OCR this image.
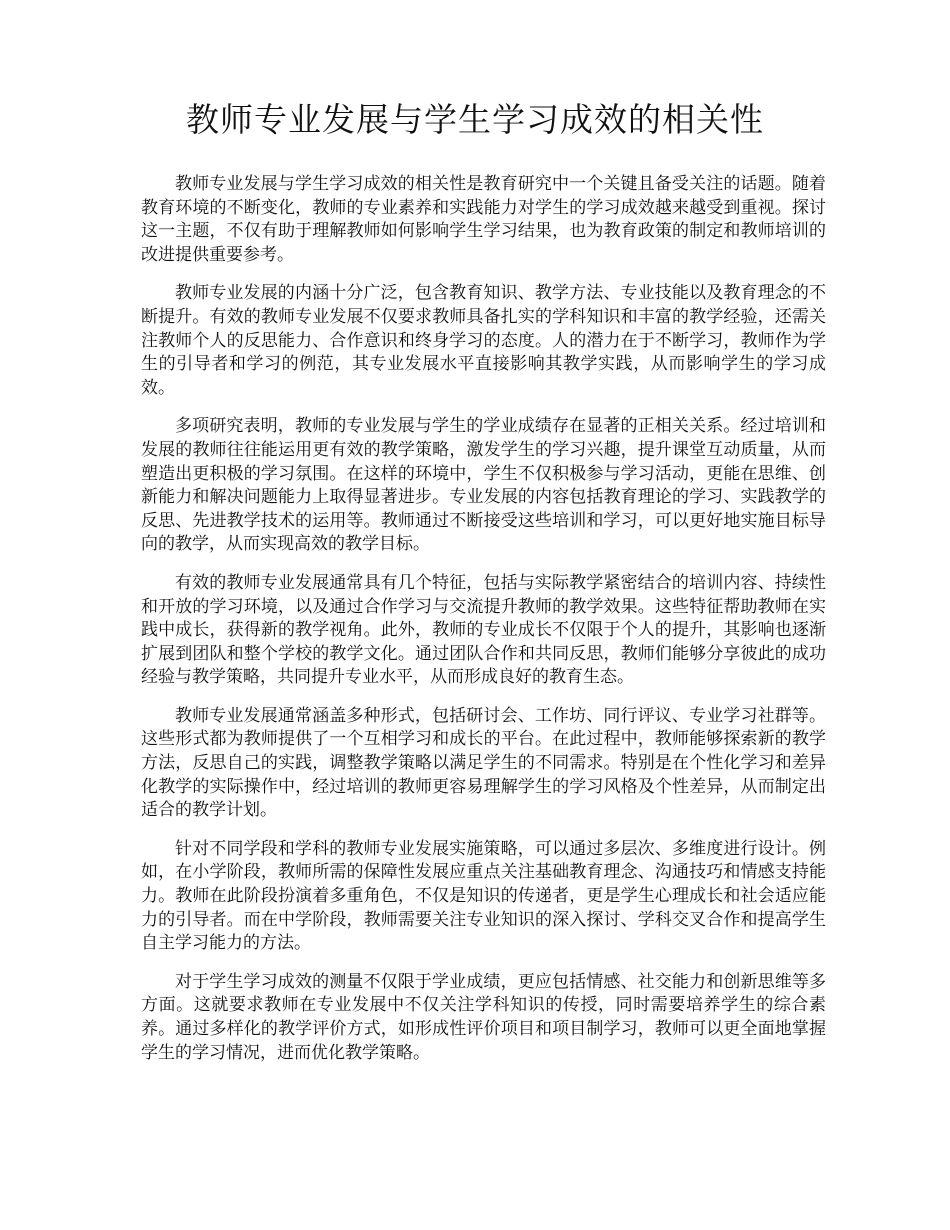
教师专业发展与学生学习成效的相关性

教师专业发展与学生学习成效的相关性是教育研究中一个关键且备受关注的话题。随着教育环境的不断变化，教师的专业素养和实践能力对学生的学习成效越来越受到重视。探讨这一主题，不仅有助于理解教师如何影响学生学习结果，也为教育政策的制定和教师培训的改进提供重要参考。

教师专业发展的内涵十分广泛，包含教育知识、教学方法、专业技能以及教育理念的不断提升。有效的教师专业发展不仅要求教师具备扎实的学科知识和丰富的教学经验，还需关注教师个人的反思能力、合作意识和终身学习的态度。人的潜力在于不断学习，教师作为学生的引导者和学习的例范，其专业发展水平直接影响其教学实践，从而影响学生的学习成效。

多项研究表明，教师的专业发展与学生的学业成绩存在显著的正相关关系。经过培训和发展的教师往往能运用更有效的教学策略，激发学生的学习兴趣，提升课堂互动质量，从而塑造出更积极的学习氛围。在这样的环境中，学生不仅积极参与学习活动，更能在思维、创新能力和解决问题能力上取得显著进步。专业发展的内容包括教育理论的学习、实践教学的反思、先进教学技术的运用等。教师通过不断接受这些培训和学习，可以更好地实施目标导向的教学，从而实现高效的教学目标。

有效的教师专业发展通常具有几个特征，包括与实际教学紧密结合的培训内容、持续性和开放的学习环境，以及通过合作学习与交流提升教师的教学效果。这些特征帮助教师在实践中成长，获得新的教学视角。此外，教师的专业成长不仅限于个人的提升，其影响也逐渐扩展到团队和整个学校的教学文化。通过团队合作和共同反思，教师们能够分享彼此的成功经验与教学策略，共同提升专业水平，从而形成良好的教育生态。

教师专业发展通常涵盖多种形式，包括研讨会、工作坊、同行评议、专业学习社群等。这些形式都为教师提供了一个互相学习和成长的平台。在此过程中，教师能够探索新的教学方法，反思自己的实践，调整教学策略以满足学生的不同需求。特别是在个性化学习和差异化教学的实际操作中，经过培训的教师更容易理解学生的学习风格及个性差异，从而制定出适合的教学计划。

针对不同学段和学科的教师专业发展实施策略，可以通过多层次、多维度进行设计。例如，在小学阶段，教师所需的保障性发展应重点关注基础教育理念、沟通技巧和情感支持能力。教师在此阶段扮演着多重角色，不仅是知识的传递者，更是学生心理成长和社会适应能力的引导者。而在中学阶段，教师需要关注专业知识的深入探讨、学科交叉合作和提高学生自主学习能力的方法。

对于学生学习成效的测量不仅限于学业成绩，更应包括情感、社交能力和创新思维等多方面。这就要求教师在专业发展中不仅关注学科知识的传授，同时需要培养学生的综合素养。通过多样化的教学评价方式，如形成性评价项目和项目制学习，教师可以更全面地掌握学生的学习情况，进而优化教学策略。
